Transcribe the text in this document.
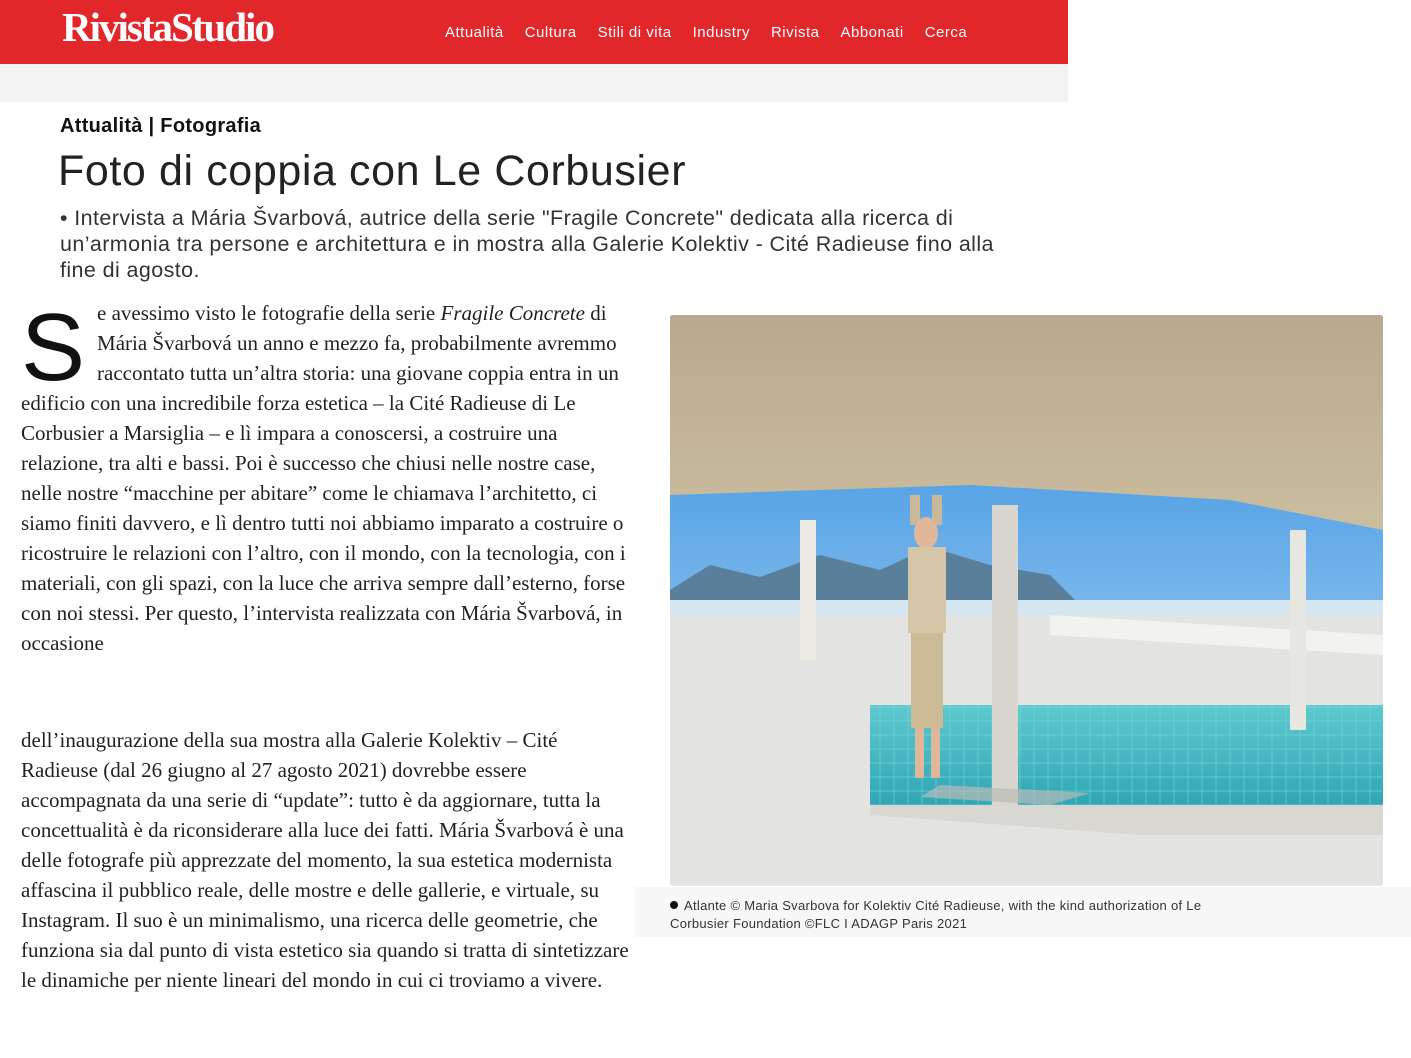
RivistaStudio	Attualità Cultura Stili di vita Industry Rivista Abbonati Cerca
Attualità | Fotografia
Foto di coppia con Le Corbusier
• Intervista a Mária Švarbová, autrice della serie "Fragile Concrete" dedicata alla ricerca di un’armonia tra persone e architettura e in mostra alla Galerie Kolektiv - Cité Radieuse fino alla fine di agosto.

Se avessimo visto le fotografie della serie Fragile Concrete di Mária Švarbová un anno e mezzo fa, probabilmente avremmo raccontato tutta un’altra storia: una giovane coppia entra in un edificio con una incredibile forza estetica – la Cité Radieuse di Le Corbusier a Marsiglia – e lì impara a conoscersi, a costruire una relazione, tra alti e bassi. Poi è successo che chiusi nelle nostre case, nelle nostre “macchine per abitare” come le chiamava l’architetto, ci siamo finiti davvero, e lì dentro tutti noi abbiamo imparato a costruire o ricostruire le relazioni con l’altro, con il mondo, con la tecnologia, con i materiali, con gli spazi, con la luce che arriva sempre dall’esterno, forse con noi stessi. Per questo, l’intervista realizzata con Mária Švarbová, in occasione

dell’inaugurazione della sua mostra alla Galerie Kolektiv – Cité Radieuse (dal 26 giugno al 27 agosto 2021) dovrebbe essere accompagnata da una serie di “update”: tutto è da aggiornare, tutta la concettualità è da riconsiderare alla luce dei fatti. Mária Švarbová è una delle fotografe più apprezzate del momento, la sua estetica modernista affascina il pubblico reale, delle mostre e delle gallerie, e virtuale, su Instagram. Il suo è un minimalismo, una ricerca delle geometrie, che funziona sia dal punto di vista estetico sia quando si tratta di sintetizzare le dinamiche per niente lineari del mondo in cui ci troviamo a vivere.

Atlante © Maria Svarbova for Kolektiv Cité Radieuse, with the kind authorization of Le Corbusier Foundation ©FLC I ADAGP Paris 2021
